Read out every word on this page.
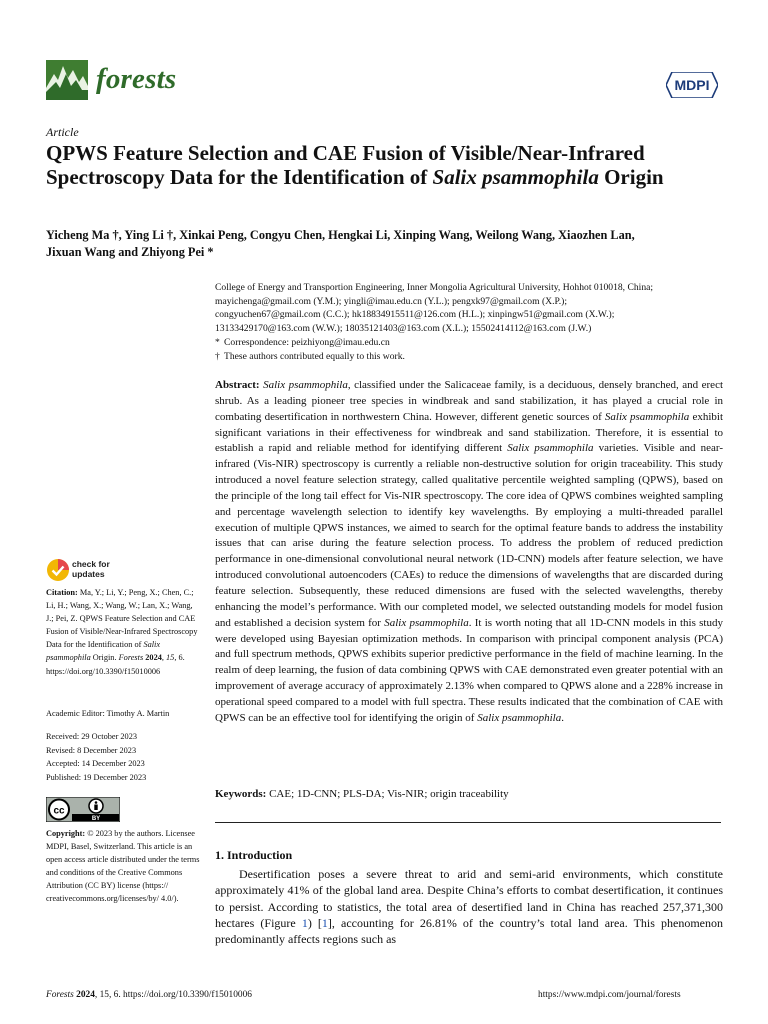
forests	MDPI
Article
QPWS Feature Selection and CAE Fusion of Visible/Near-Infrared Spectroscopy Data for the Identification of Salix psammophila Origin
Yicheng Ma †, Ying Li †, Xinkai Peng, Congyu Chen, Hengkai Li, Xinping Wang, Weilong Wang, Xiaozhen Lan,
Jixuan Wang and Zhiyong Pei *
College of Energy and Transportion Engineering, Inner Mongolia Agricultural University, Hohhot 010018, China;
mayichenga@gmail.com (Y.M.); yingli@imau.edu.cn (Y.L.); pengxk97@gmail.com (X.P.);
congyuchen67@gmail.com (C.C.); hk18834915511@126.com (H.L.); xinpingw51@gmail.com (X.W.);
13133429170@163.com (W.W.); 18035121403@163.com (X.L.); 15502414112@163.com (J.W.)
* Correspondence: peizhiyong@imau.edu.cn
† These authors contributed equally to this work.
Abstract: Salix psammophila, classified under the Salicaceae family, is a deciduous, densely branched, and erect shrub. As a leading pioneer tree species in windbreak and sand stabilization, it has played a crucial role in combating desertification in northwestern China. However, different genetic sources of Salix psammophila exhibit significant variations in their effectiveness for windbreak and sand stabilization. Therefore, it is essential to establish a rapid and reliable method for identifying different Salix psammophila varieties. Visible and near-infrared (Vis-NIR) spectroscopy is currently a reliable non-destructive solution for origin traceability. This study introduced a novel feature selection strategy, called qualitative percentile weighted sampling (QPWS), based on the principle of the long tail effect for Vis-NIR spectroscopy. The core idea of QPWS combines weighted sampling and percentage wavelength selection to identify key wavelengths. By employing a multi-threaded parallel execution of multiple QPWS instances, we aimed to search for the optimal feature bands to address the instability issues that can arise during the feature selection process. To address the problem of reduced prediction performance in one-dimensional convolutional neural network (1D-CNN) models after feature selection, we have introduced convolutional autoencoders (CAEs) to reduce the dimensions of wavelengths that are discarded during feature selection. Subsequently, these reduced dimensions are fused with the selected wavelengths, thereby enhancing the model’s performance. With our completed model, we selected outstanding models for model fusion and established a decision system for Salix psammophila. It is worth noting that all 1D-CNN models in this study were developed using Bayesian optimization methods. In comparison with principal component analysis (PCA) and full spectrum methods, QPWS exhibits superior predictive performance in the field of machine learning. In the realm of deep learning, the fusion of data combining QPWS with CAE demonstrated even greater potential with an improvement of average accuracy of approximately 2.13% when compared to QPWS alone and a 228% increase in operational speed compared to a model with full spectra. These results indicated that the combination of CAE with QPWS can be an effective tool for identifying the origin of Salix psammophila.
Keywords: CAE; 1D-CNN; PLS-DA; Vis-NIR; origin traceability
1. Introduction
  Desertification poses a severe threat to arid and semi-arid environments, which constitute approximately 41% of the global land area. Despite China’s efforts to combat desertification, it continues to persist. According to statistics, the total area of desertified land in China has reached 257,371,300 hectares (Figure 1) [1], accounting for 26.81% of the country’s total land area. This phenomenon predominantly affects regions such as
check for
updates
Citation: Ma, Y.; Li, Y.; Peng, X.; Chen, C.; Li, H.; Wang, X.; Wang, W.; Lan, X.; Wang, J.; Pei, Z. QPWS Feature Selection and CAE Fusion of Visible/Near-Infrared Spectroscopy Data for the Identification of Salix psammophila Origin. Forests 2024, 15, 6. https://doi.org/10.3390/f15010006
Academic Editor: Timothy A. Martin
Received: 29 October 2023
Revised: 8 December 2023
Accepted: 14 December 2023
Published: 19 December 2023
cc
BY
Copyright: © 2023 by the authors. Licensee MDPI, Basel, Switzerland. This article is an open access article distributed under the terms and conditions of the Creative Commons Attribution (CC BY) license (https:// creativecommons.org/licenses/by/ 4.0/).
Forests 2024, 15, 6. https://doi.org/10.3390/f15010006	https://www.mdpi.com/journal/forests
